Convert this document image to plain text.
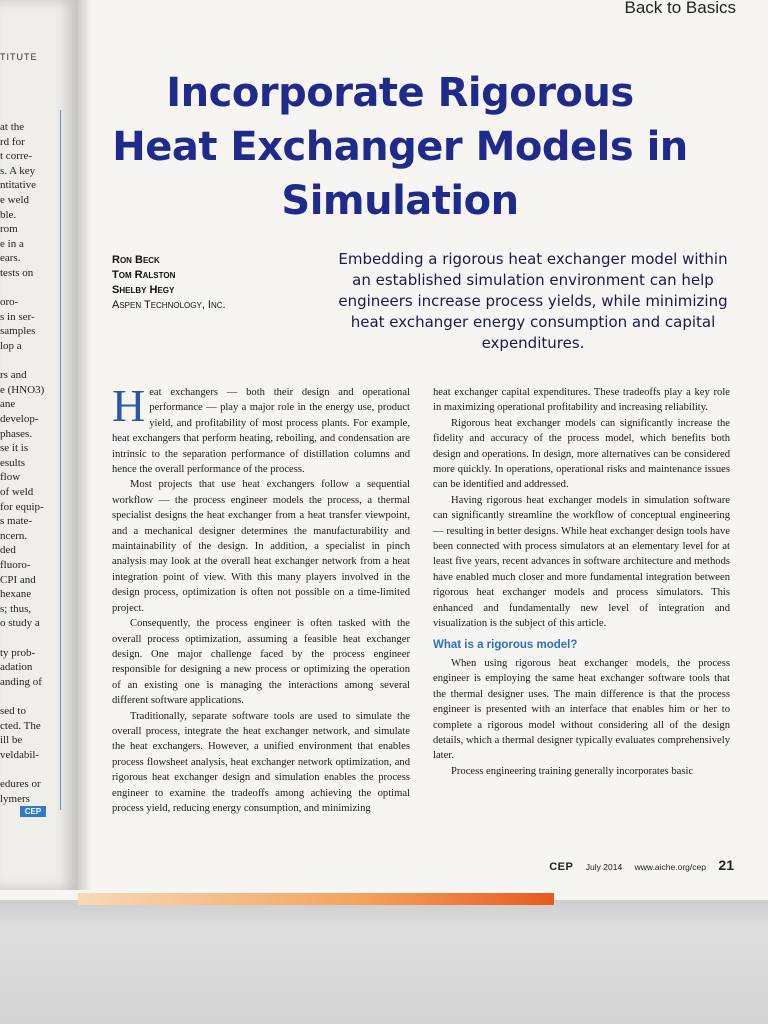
TITUTE
at the
rd for
t corre-
s. A key
ntitative
e weld
ble.
rom
e in a
ears.
tests on
oro-
s in ser-
samples
lop a
rs and
e (HNO3)
ane
develop-
phases.
se it is
esults
flow
of weld
for equip-
s mate-
ncern.
ded
fluoro-
CPI and
hexane
s; thus,
o study a
ty prob-
adation
anding of
sed to
cted. The
ill be
veldabil-
edures or
lymers
CEP
Back to Basics
Incorporate Rigorous Heat Exchanger Models in Simulation
Ron Beck
Tom Ralston
Shelby Hegy
Aspen Technology, Inc.
Embedding a rigorous heat exchanger model within an established simulation environment can help engineers increase process yields, while minimizing heat exchanger energy consumption and capital expenditures.

Heat exchangers — both their design and operational performance — play a major role in the energy use, product yield, and profitability of most process plants. For example, heat exchangers that perform heating, reboiling, and condensation are intrinsic to the separation performance of distillation columns and hence the overall performance of the process.

Most projects that use heat exchangers follow a sequential workflow — the process engineer models the process, a thermal specialist designs the heat exchanger from a heat transfer viewpoint, and a mechanical designer determines the manufacturability and maintainability of the design. In addition, a specialist in pinch analysis may look at the overall heat exchanger network from a heat integration point of view. With this many players involved in the design process, optimization is often not possible on a time-limited project.

Consequently, the process engineer is often tasked with the overall process optimization, assuming a feasible heat exchanger design. One major challenge faced by the process engineer responsible for designing a new process or optimizing the operation of an existing one is managing the interactions among several different software applications.

Traditionally, separate software tools are used to simulate the overall process, integrate the heat exchanger network, and simulate the heat exchangers. However, a unified environment that enables process flowsheet analysis, heat exchanger network optimization, and rigorous heat exchanger design and simulation enables the process engineer to examine the tradeoffs among achieving the optimal process yield, reducing energy consumption, and minimizing

heat exchanger capital expenditures. These tradeoffs play a key role in maximizing operational profitability and increasing reliability.

Rigorous heat exchanger models can significantly increase the fidelity and accuracy of the process model, which benefits both design and operations. In design, more alternatives can be considered more quickly. In operations, operational risks and maintenance issues can be identified and addressed.

Having rigorous heat exchanger models in simulation software can significantly streamline the workflow of conceptual engineering — resulting in better designs. While heat exchanger design tools have been connected with process simulators at an elementary level for at least five years, recent advances in software architecture and methods have enabled much closer and more fundamental integration between rigorous heat exchanger models and process simulators. This enhanced and fundamentally new level of integration and visualization is the subject of this article.

What is a rigorous model?

When using rigorous heat exchanger models, the process engineer is employing the same heat exchanger software tools that the thermal designer uses. The main difference is that the process engineer is presented with an interface that enables him or her to complete a rigorous model without considering all of the design details, which a thermal designer typically evaluates comprehensively later.

Process engineering training generally incorporates basic

CEP July 2014 www.aiche.org/cep 21
